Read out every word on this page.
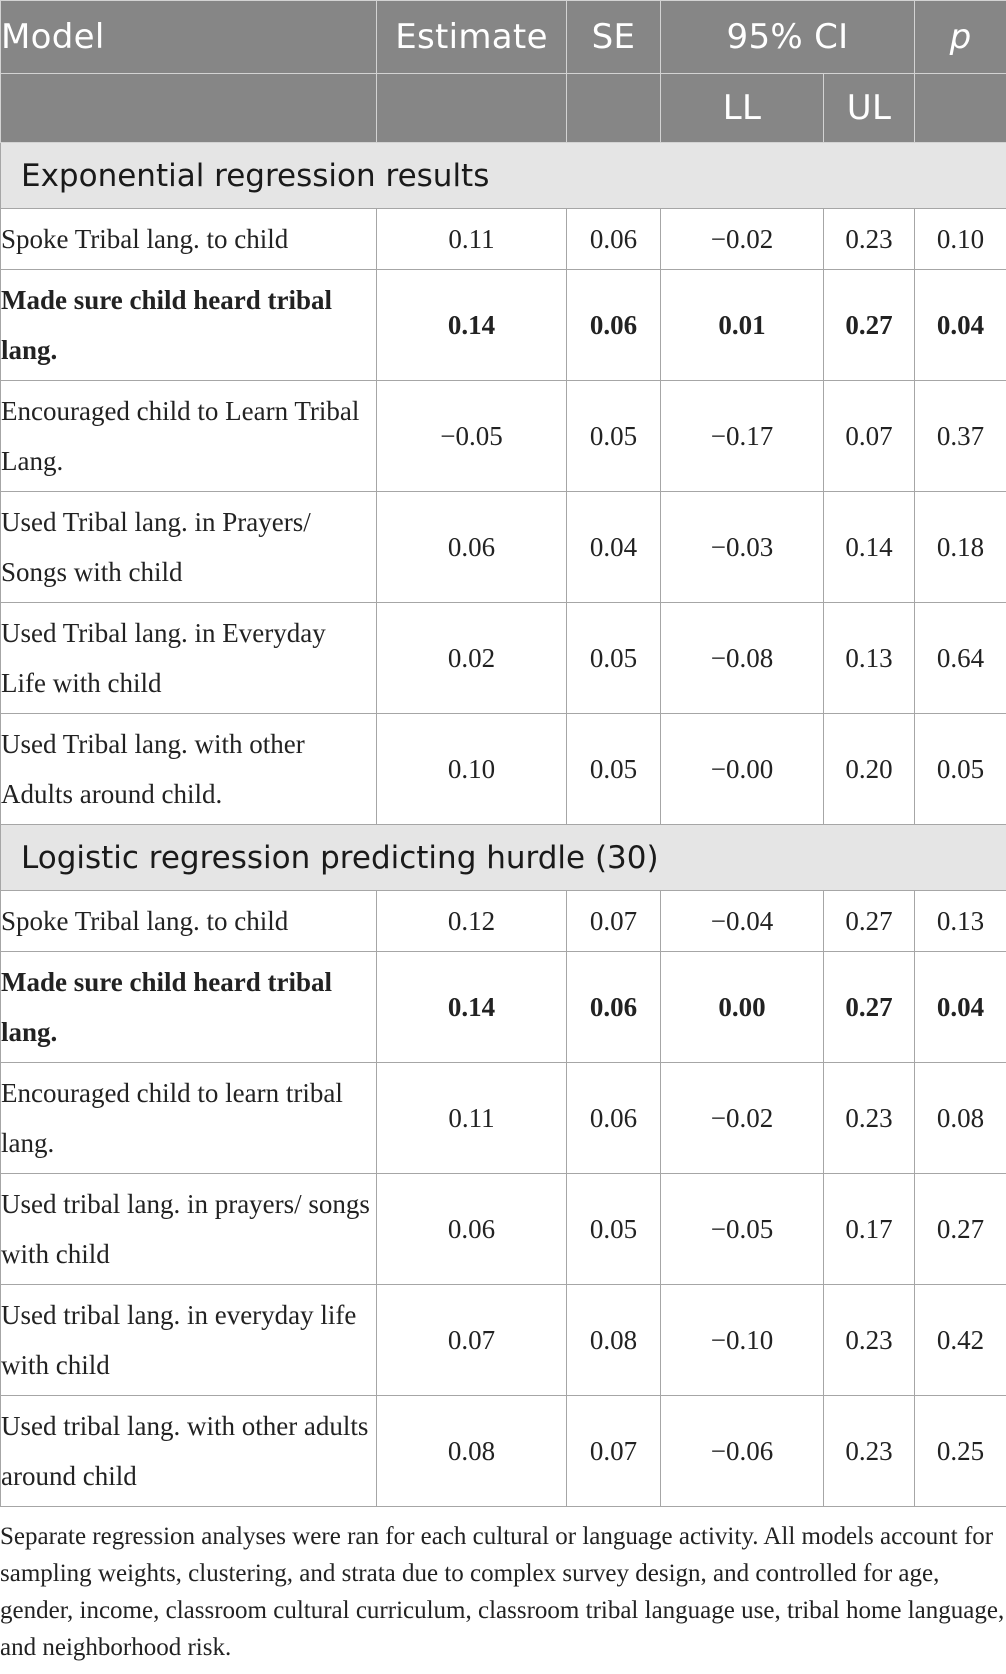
Model	Estimate	SE	95% CI		p
			LL	UL	
Exponential regression results					
Spoke Tribal lang. to child	0.11	0.06	−0.02	0.23	0.10
Made sure child heard tribal lang.	0.14	0.06	0.01	0.27	0.04
Encouraged child to Learn Tribal Lang.	−0.05	0.05	−0.17	0.07	0.37
Used Tribal lang. in Prayers/ Songs with child	0.06	0.04	−0.03	0.14	0.18
Used Tribal lang. in Everyday Life with child	0.02	0.05	−0.08	0.13	0.64
Used Tribal lang. with other Adults around child.	0.10	0.05	−0.00	0.20	0.05
Logistic regression predicting hurdle (30)					
Spoke Tribal lang. to child	0.12	0.07	−0.04	0.27	0.13
Made sure child heard tribal lang.	0.14	0.06	0.00	0.27	0.04
Encouraged child to learn tribal lang.	0.11	0.06	−0.02	0.23	0.08
Used tribal lang. in prayers/ songs with child	0.06	0.05	−0.05	0.17	0.27
Used tribal lang. in everyday life with child	0.07	0.08	−0.10	0.23	0.42
Used tribal lang. with other adults around child	0.08	0.07	−0.06	0.23	0.25
Separate regression analyses were ran for each cultural or language activity. All models account for sampling weights, clustering, and strata due to complex survey design, and controlled for age, gender, income, classroom cultural curriculum, classroom tribal language use, tribal home language, and neighborhood risk.
